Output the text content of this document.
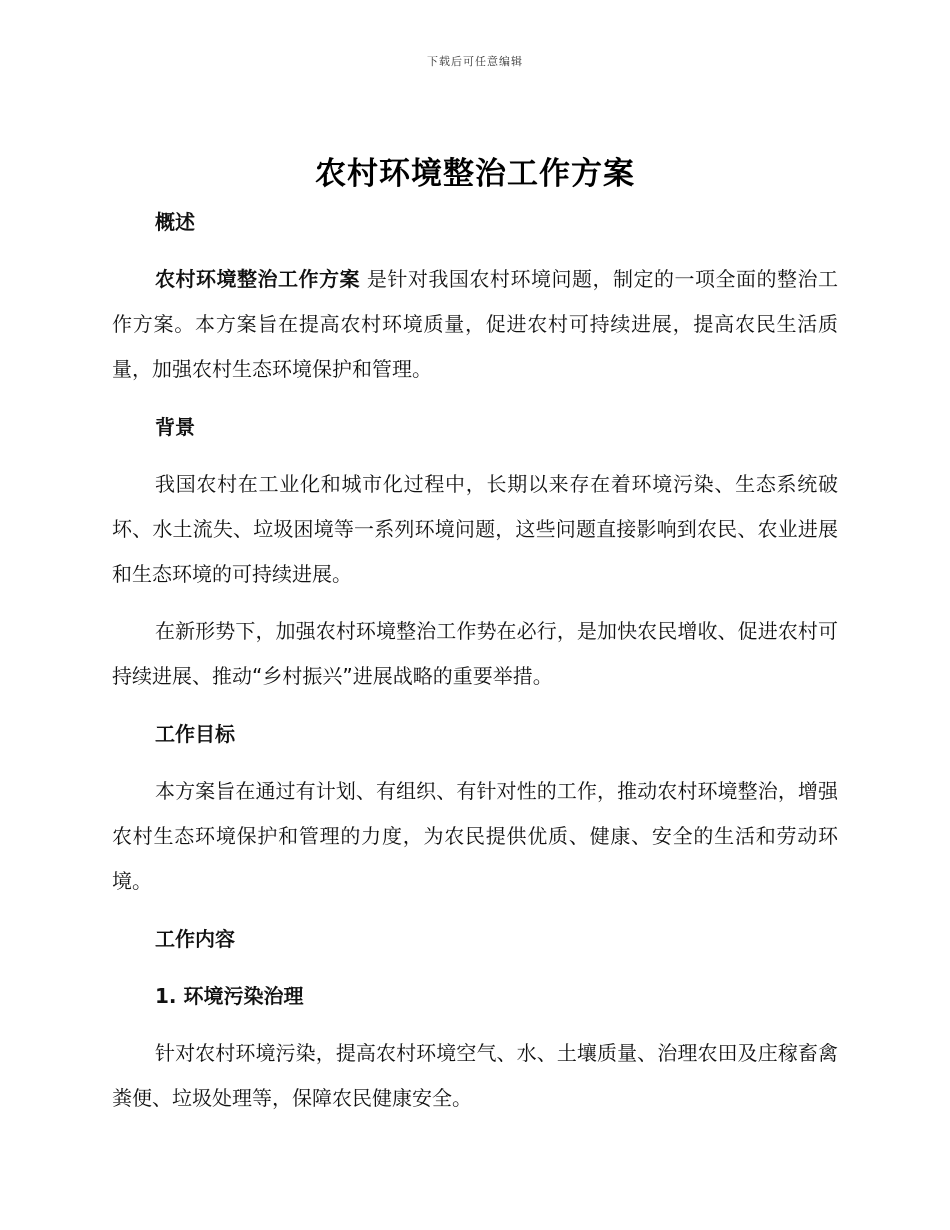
下载后可任意编辑
农村环境整治工作方案

概述

农村环境整治工作方案 是针对我国农村环境问题，制定的一项全面的整治工作方案。本方案旨在提高农村环境质量，促进农村可持续进展，提高农民生活质量，加强农村生态环境保护和管理。

背景

我国农村在工业化和城市化过程中，长期以来存在着环境污染、生态系统破坏、水土流失、垃圾困境等一系列环境问题，这些问题直接影响到农民、农业进展和生态环境的可持续进展。

在新形势下，加强农村环境整治工作势在必行，是加快农民增收、促进农村可持续进展、推动“乡村振兴”进展战略的重要举措。

工作目标

本方案旨在通过有计划、有组织、有针对性的工作，推动农村环境整治，增强农村生态环境保护和管理的力度，为农民提供优质、健康、安全的生活和劳动环境。

工作内容

1. 环境污染治理

针对农村环境污染，提高农村环境空气、水、土壤质量、治理农田及庄稼畜禽粪便、垃圾处理等，保障农民健康安全。
